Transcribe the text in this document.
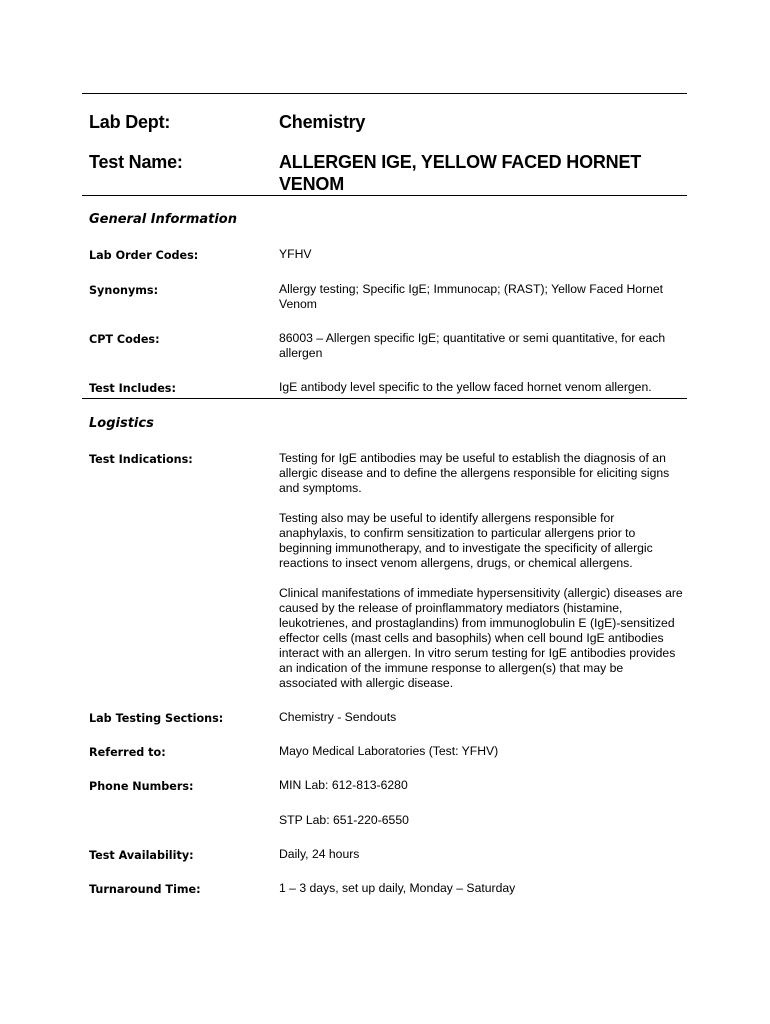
Lab Dept:	Chemistry
Test Name:	ALLERGEN IGE, YELLOW FACED HORNET VENOM
General Information
Lab Order Codes:	YFHV
Synonyms:	Allergy testing; Specific IgE; Immunocap; (RAST); Yellow Faced Hornet Venom
CPT Codes:	86003 – Allergen specific IgE; quantitative or semi quantitative, for each allergen
Test Includes:	IgE antibody level specific to the yellow faced hornet venom allergen.
Logistics
Test Indications:	Testing for IgE antibodies may be useful to establish the diagnosis of an allergic disease and to define the allergens responsible for eliciting signs and symptoms.

Testing also may be useful to identify allergens responsible for anaphylaxis, to confirm sensitization to particular allergens prior to beginning immunotherapy, and to investigate the specificity of allergic reactions to insect venom allergens, drugs, or chemical allergens.

Clinical manifestations of immediate hypersensitivity (allergic) diseases are caused by the release of proinflammatory mediators (histamine, leukotrienes, and prostaglandins) from immunoglobulin E (IgE)-sensitized effector cells (mast cells and basophils) when cell bound IgE antibodies interact with an allergen. In vitro serum testing for IgE antibodies provides an indication of the immune response to allergen(s) that may be associated with allergic disease.

Lab Testing Sections:	Chemistry - Sendouts
Referred to:	Mayo Medical Laboratories (Test: YFHV)
Phone Numbers:	MIN Lab: 612-813-6280
STP Lab: 651-220-6550
Test Availability:	Daily, 24 hours
Turnaround Time:	1 – 3 days, set up daily, Monday – Saturday
